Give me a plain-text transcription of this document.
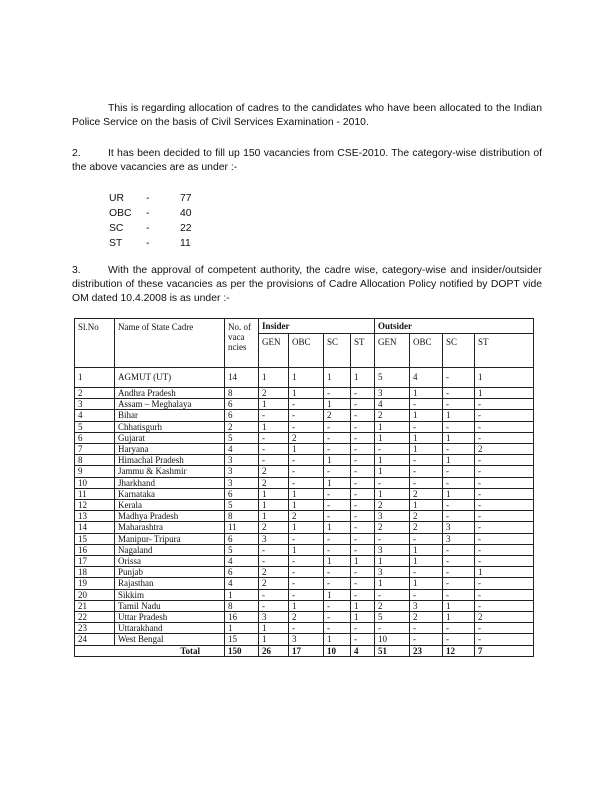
This is regarding allocation of cadres to the candidates who have been allocated to the Indian Police Service on the basis of Civil Services Examination - 2010.
2.	It has been decided to fill up 150 vacancies from CSE-2010. The category-wise distribution of the above vacancies are as under :-
UR -	77
OBC -	40
SC -	22
ST -	11
3.	With the approval of competent authority, the cadre wise, category-wise and insider/outsider distribution of these vacancies as per the provisions of Cadre Allocation Policy notified by DOPT vide OM dated 10.4.2008 is as under :-
Sl.No	Name of State Cadre	No. of vaca ncies	Insider				Outsider			
			GEN	OBC	SC	ST	GEN	OBC	SC	ST
1	AGMUT (UT)	14	1	1	1	1	5	4	-	1
2	Andhra Pradesh	8	2	1	-	-	3	1	-	1
3	Assam – Meghalaya	6	1	-	1	-	4	-	-	-
4	Bihar	6	-	-	2	-	2	1	1	-
5	Chhatisgurh	2	1	-	-	-	1	-	-	-
6	Gujarat	5	-	2	-	-	1	1	1	-
7	Haryana	4	-	1	-	-	-	1	-	2
8	Himachal Pradesh	3	-	-	1	-	1	-	1	-
9	Jammu & Kashmir	3	2	-	-	-	1	-	-	-
10	Jharkhand	3	2	-	1	-	-	-	-	-
11	Karnataka	6	1	1	-	-	1	2	1	-
12	Kerala	5	1	1	-	-	2	1	-	-
13	Madhya Pradesh	8	1	2	-	-	3	2	-	-
14	Maharashtra	11	2	1	1	-	2	2	3	-
15	Manipur- Tripura	6	3	-	-	-	-	-	3	-
16	Nagaland	5	-	1	-	-	3	1	-	-
17	Orissa	4	-	-	1	1	1	1	-	-
18	Punjab	6	2	-	-	-	3	-	-	1
19	Rajasthan	4	2	-	-	-	1	1	-	-
20	Sikkim	1	-	-	1	-	-	-	-	-
21	Tamil Nadu	8	-	1	-	1	2	3	1	-
22	Uttar Pradesh	16	3	2	-	1	5	2	1	2
23	Uttarakhand	1	1	-	-	-	-	-	-	-
24	West Bengal	15	1	3	1	-	10	-	-	-
Total		150	26	17	10	4	51	23	12	7
